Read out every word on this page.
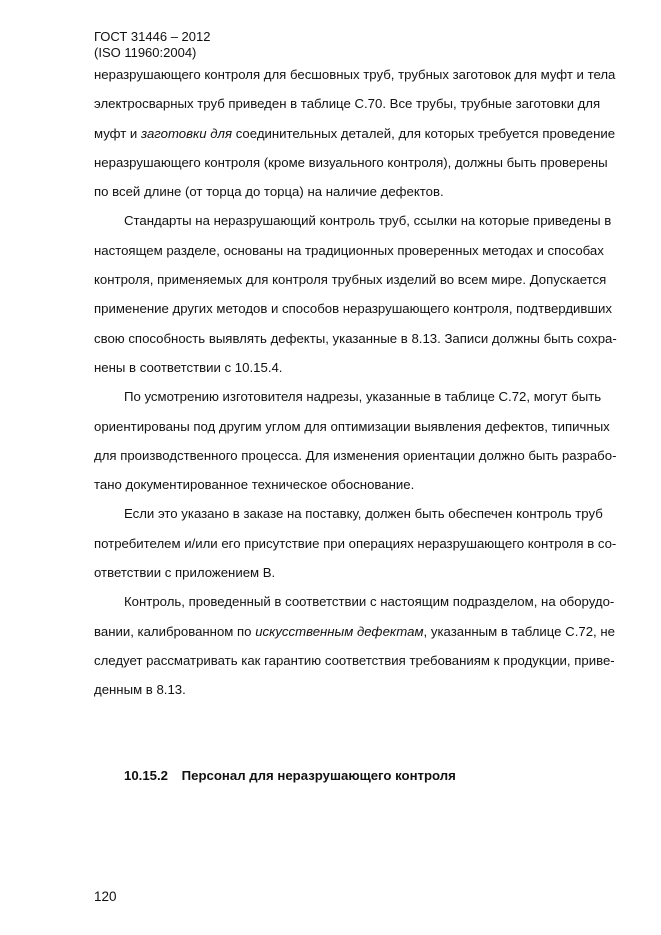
ГОСТ 31446 – 2012
(ISO 11960:2004)
неразрушающего контроля для бесшовных труб, трубных заготовок для муфт и тела
электросварных труб приведен в таблице С.70. Все трубы, трубные заготовки для
муфт и заготовки для соединительных деталей, для которых требуется проведение
неразрушающего контроля (кроме визуального контроля), должны быть проверены
по всей длине (от торца до торца) на наличие дефектов.
Стандарты на неразрушающий контроль труб, ссылки на которые приведены в
настоящем разделе, основаны на традиционных проверенных методах и способах
контроля, применяемых для контроля трубных изделий во всем мире. Допускается
применение других методов и способов неразрушающего контроля, подтвердивших
свою способность выявлять дефекты, указанные в 8.13. Записи должны быть сохра-
нены в соответствии с 10.15.4.
По усмотрению изготовителя надрезы, указанные в таблице С.72, могут быть
ориентированы под другим углом для оптимизации выявления дефектов, типичных
для производственного процесса. Для изменения ориентации должно быть разрабо-
тано документированное техническое обоснование.
Если это указано в заказе на поставку, должен быть обеспечен контроль труб
потребителем и/или его присутствие при операциях неразрушающего контроля в со-
ответствии с приложением В.
Контроль, проведенный в соответствии с настоящим подразделом, на оборудо-
вании, калиброванном по искусственным дефектам, указанным в таблице С.72, не
следует рассматривать как гарантию соответствия требованиям к продукции, приве-
денным в 8.13.
10.15.2 Персонал для неразрушающего контроля
120
